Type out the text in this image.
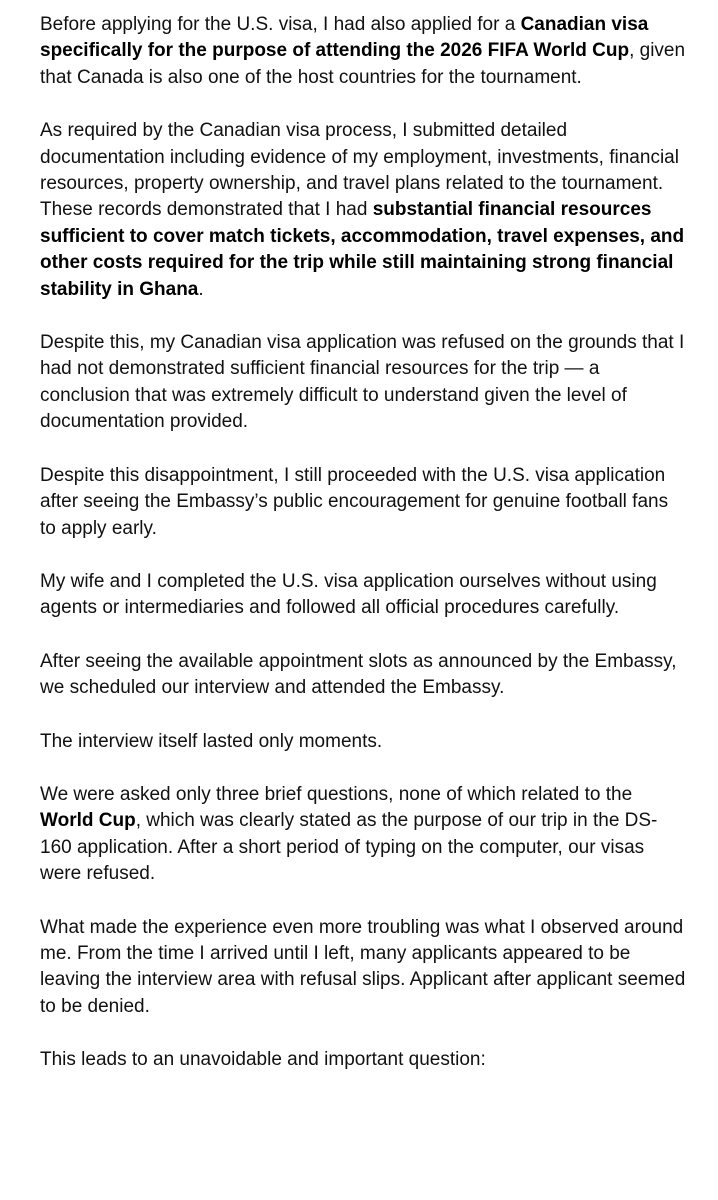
Before applying for the U.S. visa, I had also applied for a Canadian visa specifically for the purpose of attending the 2026 FIFA World Cup, given that Canada is also one of the host countries for the tournament.

As required by the Canadian visa process, I submitted detailed documentation including evidence of my employment, investments, financial resources, property ownership, and travel plans related to the tournament. These records demonstrated that I had substantial financial resources sufficient to cover match tickets, accommodation, travel expenses, and other costs required for the trip while still maintaining strong financial stability in Ghana.

Despite this, my Canadian visa application was refused on the grounds that I had not demonstrated sufficient financial resources for the trip — a conclusion that was extremely difficult to understand given the level of documentation provided.

Despite this disappointment, I still proceeded with the U.S. visa application after seeing the Embassy’s public encouragement for genuine football fans to apply early.

My wife and I completed the U.S. visa application ourselves without using agents or intermediaries and followed all official procedures carefully.

After seeing the available appointment slots as announced by the Embassy, we scheduled our interview and attended the Embassy.

The interview itself lasted only moments.

We were asked only three brief questions, none of which related to the World Cup, which was clearly stated as the purpose of our trip in the DS-160 application. After a short period of typing on the computer, our visas were refused.

What made the experience even more troubling was what I observed around me. From the time I arrived until I left, many applicants appeared to be leaving the interview area with refusal slips. Applicant after applicant seemed to be denied.

This leads to an unavoidable and important question:
